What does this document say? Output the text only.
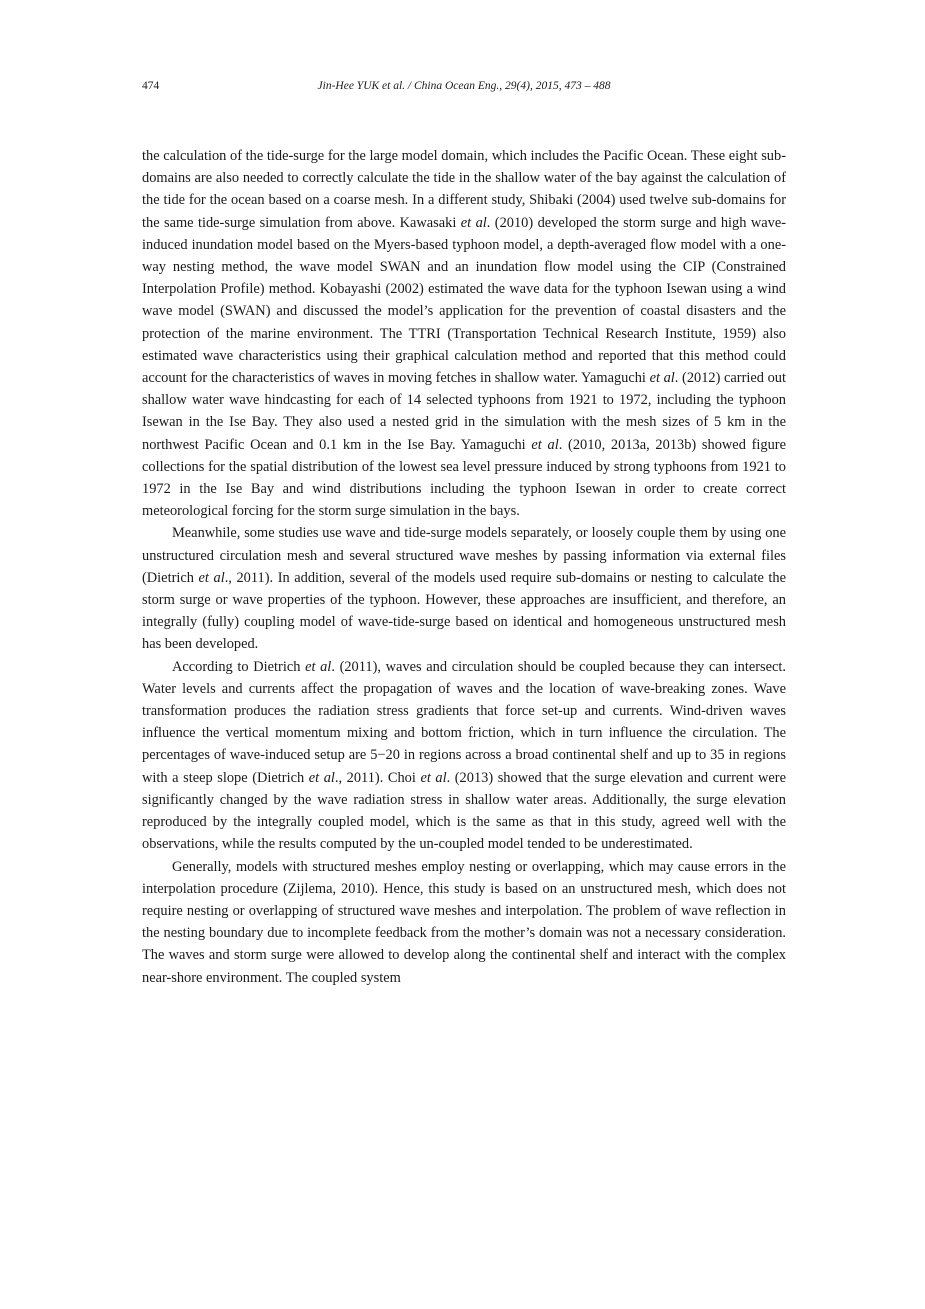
474	Jin-Hee YUK et al. / China Ocean Eng., 29(4), 2015, 473 – 488

the calculation of the tide-surge for the large model domain, which includes the Pacific Ocean. These eight sub-domains are also needed to correctly calculate the tide in the shallow water of the bay against the calculation of the tide for the ocean based on a coarse mesh. In a different study, Shibaki (2004) used twelve sub-domains for the same tide-surge simulation from above. Kawasaki et al. (2010) developed the storm surge and high wave-induced inundation model based on the Myers-based typhoon model, a depth-averaged flow model with a one-way nesting method, the wave model SWAN and an inundation flow model using the CIP (Constrained Interpolation Profile) method. Kobayashi (2002) estimated the wave data for the typhoon Isewan using a wind wave model (SWAN) and discussed the model’s application for the prevention of coastal disasters and the protection of the marine environment. The TTRI (Transportation Technical Research Institute, 1959) also estimated wave characteristics using their graphical calculation method and reported that this method could account for the characteristics of waves in moving fetches in shallow water. Yamaguchi et al. (2012) carried out shallow water wave hindcasting for each of 14 selected typhoons from 1921 to 1972, including the typhoon Isewan in the Ise Bay. They also used a nested grid in the simulation with the mesh sizes of 5 km in the northwest Pacific Ocean and 0.1 km in the Ise Bay. Yamaguchi et al. (2010, 2013a, 2013b) showed figure collections for the spatial distribution of the lowest sea level pressure induced by strong typhoons from 1921 to 1972 in the Ise Bay and wind distributions including the typhoon Isewan in order to create correct meteorological forcing for the storm surge simulation in the bays.

Meanwhile, some studies use wave and tide-surge models separately, or loosely couple them by using one unstructured circulation mesh and several structured wave meshes by passing information via external files (Dietrich et al., 2011). In addition, several of the models used require sub-domains or nesting to calculate the storm surge or wave properties of the typhoon. However, these approaches are insufficient, and therefore, an integrally (fully) coupling model of wave-tide-surge based on identical and homogeneous unstructured mesh has been developed.

According to Dietrich et al. (2011), waves and circulation should be coupled because they can intersect. Water levels and currents affect the propagation of waves and the location of wave-breaking zones. Wave transformation produces the radiation stress gradients that force set-up and currents. Wind-driven waves influence the vertical momentum mixing and bottom friction, which in turn influence the circulation. The percentages of wave-induced setup are 5−20 in regions across a broad continental shelf and up to 35 in regions with a steep slope (Dietrich et al., 2011). Choi et al. (2013) showed that the surge elevation and current were significantly changed by the wave radiation stress in shallow water areas. Additionally, the surge elevation reproduced by the integrally coupled model, which is the same as that in this study, agreed well with the observations, while the results computed by the un-coupled model tended to be underestimated.

Generally, models with structured meshes employ nesting or overlapping, which may cause errors in the interpolation procedure (Zijlema, 2010). Hence, this study is based on an unstructured mesh, which does not require nesting or overlapping of structured wave meshes and interpolation. The problem of wave reflection in the nesting boundary due to incomplete feedback from the mother’s domain was not a necessary consideration. The waves and storm surge were allowed to develop along the continental shelf and interact with the complex near-shore environment. The coupled system
